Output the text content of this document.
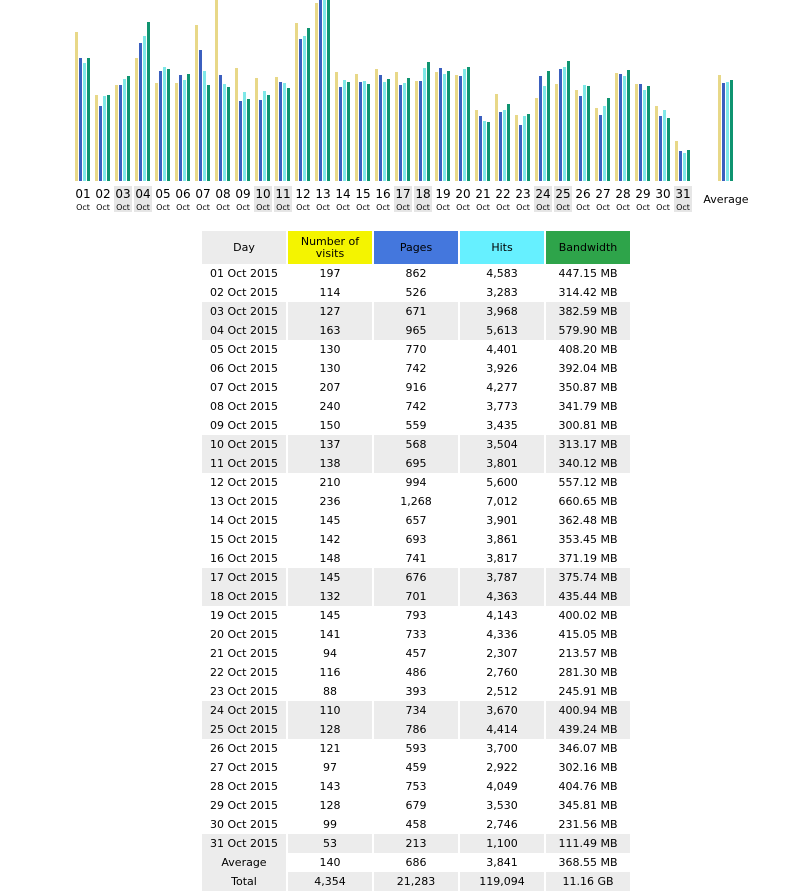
01
Oct
02
Oct
03
Oct
04
Oct
05
Oct
06
Oct
07
Oct
08
Oct
09
Oct
10
Oct
11
Oct
12
Oct
13
Oct
14
Oct
15
Oct
16
Oct
17
Oct
18
Oct
19
Oct
20
Oct
21
Oct
22
Oct
23
Oct
24
Oct
25
Oct
26
Oct
27
Oct
28
Oct
29
Oct
30
Oct
31
Oct
Average
Day	Number of visits	Pages	Hits	Bandwidth
01 Oct 2015	197	862	4,583	447.15 MB
02 Oct 2015	114	526	3,283	314.42 MB
03 Oct 2015	127	671	3,968	382.59 MB
04 Oct 2015	163	965	5,613	579.90 MB
05 Oct 2015	130	770	4,401	408.20 MB
06 Oct 2015	130	742	3,926	392.04 MB
07 Oct 2015	207	916	4,277	350.87 MB
08 Oct 2015	240	742	3,773	341.79 MB
09 Oct 2015	150	559	3,435	300.81 MB
10 Oct 2015	137	568	3,504	313.17 MB
11 Oct 2015	138	695	3,801	340.12 MB
12 Oct 2015	210	994	5,600	557.12 MB
13 Oct 2015	236	1,268	7,012	660.65 MB
14 Oct 2015	145	657	3,901	362.48 MB
15 Oct 2015	142	693	3,861	353.45 MB
16 Oct 2015	148	741	3,817	371.19 MB
17 Oct 2015	145	676	3,787	375.74 MB
18 Oct 2015	132	701	4,363	435.44 MB
19 Oct 2015	145	793	4,143	400.02 MB
20 Oct 2015	141	733	4,336	415.05 MB
21 Oct 2015	94	457	2,307	213.57 MB
22 Oct 2015	116	486	2,760	281.30 MB
23 Oct 2015	88	393	2,512	245.91 MB
24 Oct 2015	110	734	3,670	400.94 MB
25 Oct 2015	128	786	4,414	439.24 MB
26 Oct 2015	121	593	3,700	346.07 MB
27 Oct 2015	97	459	2,922	302.16 MB
28 Oct 2015	143	753	4,049	404.76 MB
29 Oct 2015	128	679	3,530	345.81 MB
30 Oct 2015	99	458	2,746	231.56 MB
31 Oct 2015	53	213	1,100	111.49 MB
Average	140	686	3,841	368.55 MB
Total	4,354	21,283	119,094	11.16 GB
